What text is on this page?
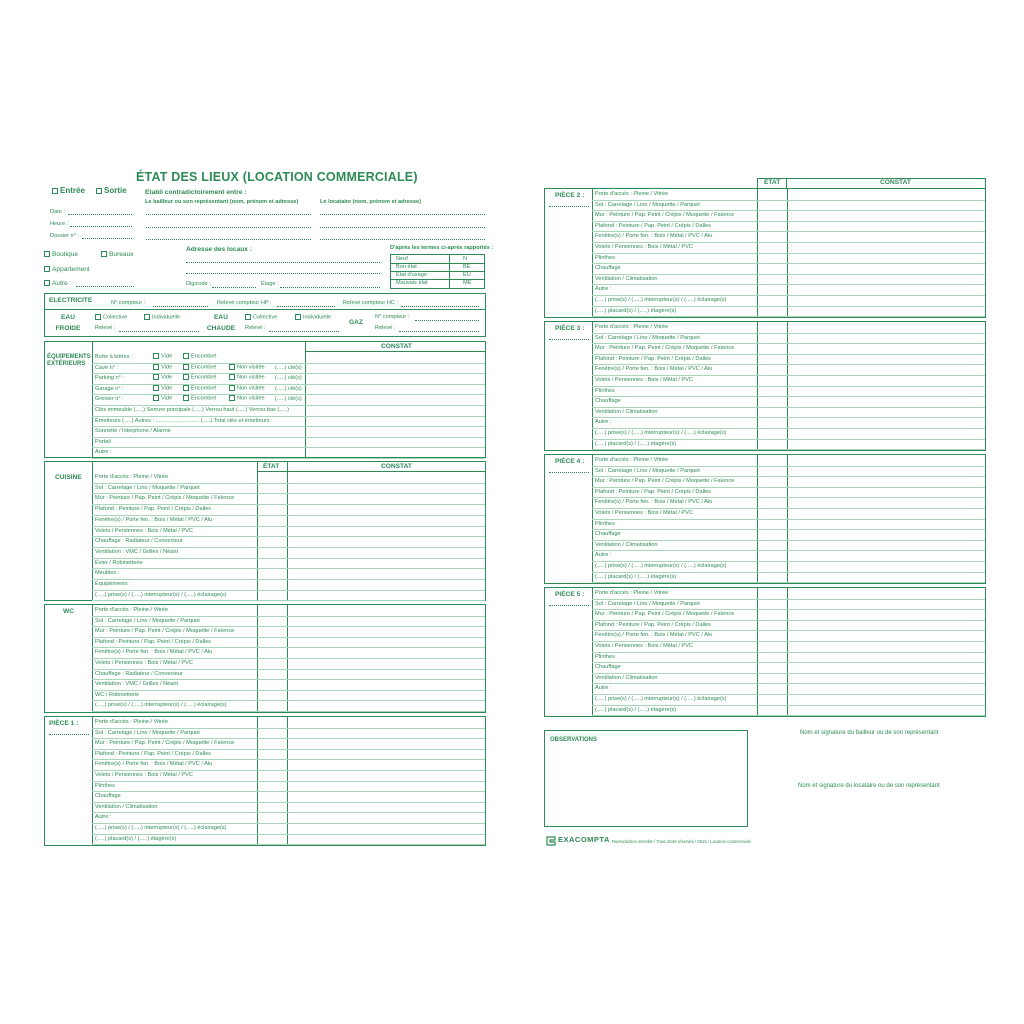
ÉTAT DES LIEUX (LOCATION COMMERCIALE)
Entrée	Sortie	Etabli contradictoirement entre :
Le bailleur ou son représentant (nom, prénom et adresse)	Le locataire (nom, prénom et adresse)
Date :
Heure :
Dossier n° :
Boutique	Bureaux
Appartement
Autre :
Adresse des locaux :
Digicode :	Étage :
D'après les termes ci-après rapportés :
Neuf	N
Bon état	BE
Etat d'usage	EU
Mauvais état	ME
ELECTRICITE	N° compteur :	Relevé compteur HP :	Relevé compteur HC :
EAU FROIDE
Collective	Individuelle
Relevé :
EAU CHAUDE
Collective	Individuelle
Relevé :
GAZ
N° compteur :
Relevé :
ÉQUIPEMENTS EXTÉRIEURS
CONSTAT
Boîte à lettres :	Vide	Encombré
Cave n° :	Vide	Encombré	Non visitée (.....) clé(s)
Parking n° :	Vide	Encombré	Non visitée (.....) clé(s)
Garage n° :	Vide	Encombré	Non visitée (.....) clé(s)
Grenier n° :	Vide	Encombré	Non visitée (.....) clé(s)
Clés immeuble (.....) Serrure principale (.....) Verrou haut (.....) Verrou bas (.....)
Émetteurs (.....) Autres : ............................ (.....) Total clés et émetteurs :
Sonnette / Interphone / Alarme
Portail
Autre :
ÉTAT	CONSTAT
CUISINE Porte d'accès : Pleine / Vitrée
Sol : Carrelage / Lino / Moquette / Parquet
Mur : Peinture / Pap. Peint / Crépis / Moquette / Faïence
Plafond : Peinture / Pap. Peint / Crépis / Dalles
Fenêtre(s) / Porte fen. : Bois / Métal / PVC / Alu
Volets / Persiennes : Bois / Métal / PVC
Chauffage : Radiateur / Convecteur
Ventilation : VMC / Grilles / Néant
Évier / Robinetterie
Meubles :
Équipements :
(.....) prise(s) / (.....) interrupteur(s) / (.....) éclairage(s)
WC	Porte d'accès : Pleine / Vitrée
Sol : Carrelage / Lino / Moquette / Parquet
Mur : Peinture / Pap. Peint / Crépis / Moquette / Faïence
Plafond : Peinture / Pap. Peint / Crépis / Dalles
Fenêtre(s) / Porte fen. : Bois / Métal / PVC / Alu
Volets / Persiennes : Bois / Métal / PVC
Chauffage : Radiateur / Convecteur
Ventilation : VMC / Grilles / Néant
WC / Robinetterie
(.....) prise(s) / (.....) interrupteur(s) / (.....) éclairage(s)
PIÈCE 1 :	Porte d'accès : Pleine / Vitrée
Sol : Carrelage / Lino / Moquette / Parquet
Mur : Peinture / Pap. Peint / Crépis / Moquette / Faïence
Plafond : Peinture / Pap. Peint / Crépis / Dalles
Fenêtre(s) / Porte fen. : Bois / Métal / PVC / Alu
Volets / Persiennes : Bois / Métal / PVC
Plinthes
Chauffage
Ventilation / Climatisation
Autre :
(.....) prise(s) / (.....) interrupteur(s) / (.....) éclairage(s)
(.....) placard(s) / (.....) étagère(s)
ÉTAT	CONSTAT
PIÈCE 2 : Porte d'accès : Pleine / Vitrée
Sol : Carrelage / Lino / Moquette / Parquet
Mur : Peinture / Pap. Peint / Crépis / Moquette / Faïence
Plafond : Peinture / Pap. Peint / Crépis / Dalles
Fenêtre(s) / Porte fen. : Bois / Métal / PVC / Alu
Volets / Persiennes : Bois / Métal / PVC
Plinthes
Chauffage
Ventilation / Climatisation
Autre :
(.....) prise(s) / (.....) interrupteur(s) / (.....) éclairage(s)
(.....) placard(s) / (.....) étagère(s)
PIÈCE 3 : Porte d'accès : Pleine / Vitrée
Sol : Carrelage / Lino / Moquette / Parquet
Mur : Peinture / Pap. Peint / Crépis / Moquette / Faïence
Plafond : Peinture / Pap. Peint / Crépis / Dalles
Fenêtre(s) / Porte fen. : Bois / Métal / PVC / Alu
Volets / Persiennes : Bois / Métal / PVC
Plinthes
Chauffage
Ventilation / Climatisation
Autre :
(.....) prise(s) / (.....) interrupteur(s) / (.....) éclairage(s)
(.....) placard(s) / (.....) étagère(s)
PIÈCE 4 : Porte d'accès : Pleine / Vitrée
Sol : Carrelage / Lino / Moquette / Parquet
Mur : Peinture / Pap. Peint / Crépis / Moquette / Faïence
Plafond : Peinture / Pap. Peint / Crépis / Dalles
Fenêtre(s) / Porte fen. : Bois / Métal / PVC / Alu
Volets / Persiennes : Bois / Métal / PVC
Plinthes
Chauffage
Ventilation / Climatisation
Autre :
(.....) prise(s) / (.....) interrupteur(s) / (.....) éclairage(s)
(.....) placard(s) / (.....) étagère(s)
PIÈCE 5 : Porte d'accès : Pleine / Vitrée
Sol : Carrelage / Lino / Moquette / Parquet
Mur : Peinture / Pap. Peint / Crépis / Moquette / Faïence
Plafond : Peinture / Pap. Peint / Crépis / Dalles
Fenêtre(s) / Porte fen. : Bois / Métal / PVC / Alu
Volets / Persiennes : Bois / Métal / PVC
Plinthes
Chauffage
Ventilation / Climatisation
Autre :
(.....) prise(s) / (.....) interrupteur(s) / (.....) éclairage(s)
(.....) placard(s) / (.....) étagère(s)
OBSERVATIONS
Nom et signature du bailleur ou de son représentant
Nom et signature du locataire ou de son représentant
EXACOMPTA Reproduction interdite / Tous droits réservés / 0915 / Location commerciale
